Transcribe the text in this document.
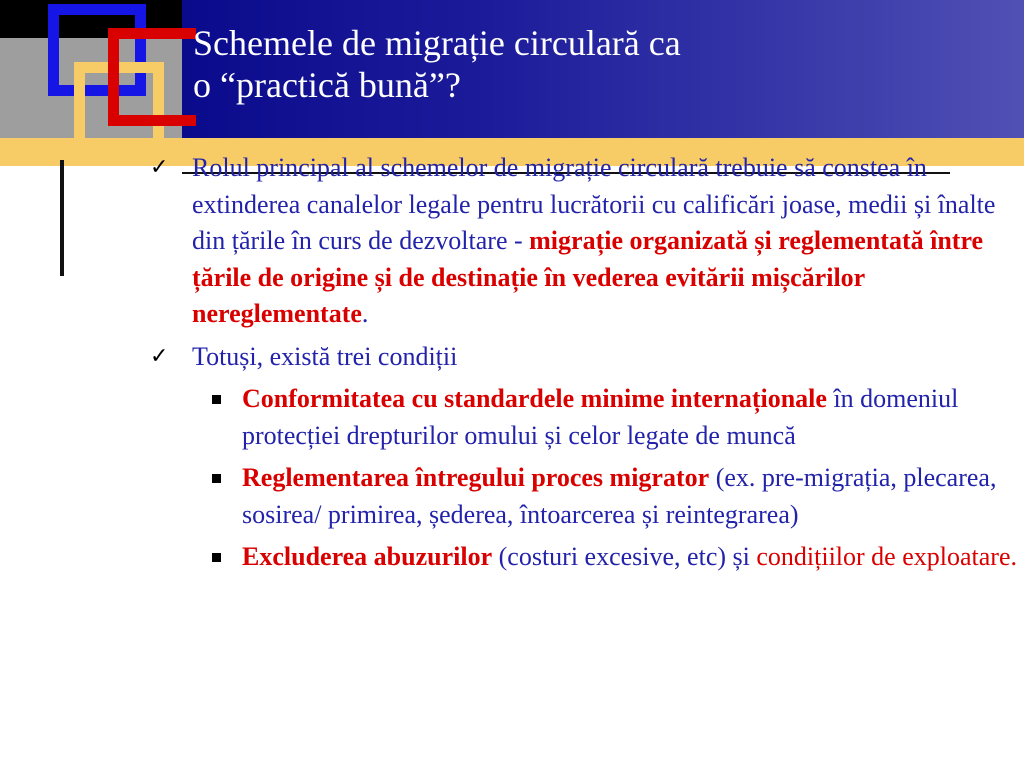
Schemele de migrație circulară ca
o “practică bună”?
✓ Rolul principal al schemelor de migrație circulară trebuie să constea în extinderea canalelor legale pentru lucrătorii cu calificări joase, medii și înalte din țările în curs de dezvoltare - migrație organizată și reglementată între țările de origine și de destinație în vederea evitării mișcărilor nereglementate.
✓ Totuși, există trei condiții
Conformitatea cu standardele minime internaționale în domeniul protecției drepturilor omului și celor legate de muncă
Reglementarea întregului proces migrator (ex. pre-migrația, plecarea, sosirea/ primirea, șederea, întoarcerea și reintegrarea)
Excluderea abuzurilor (costuri excesive, etc) și condițiilor de exploatare.
